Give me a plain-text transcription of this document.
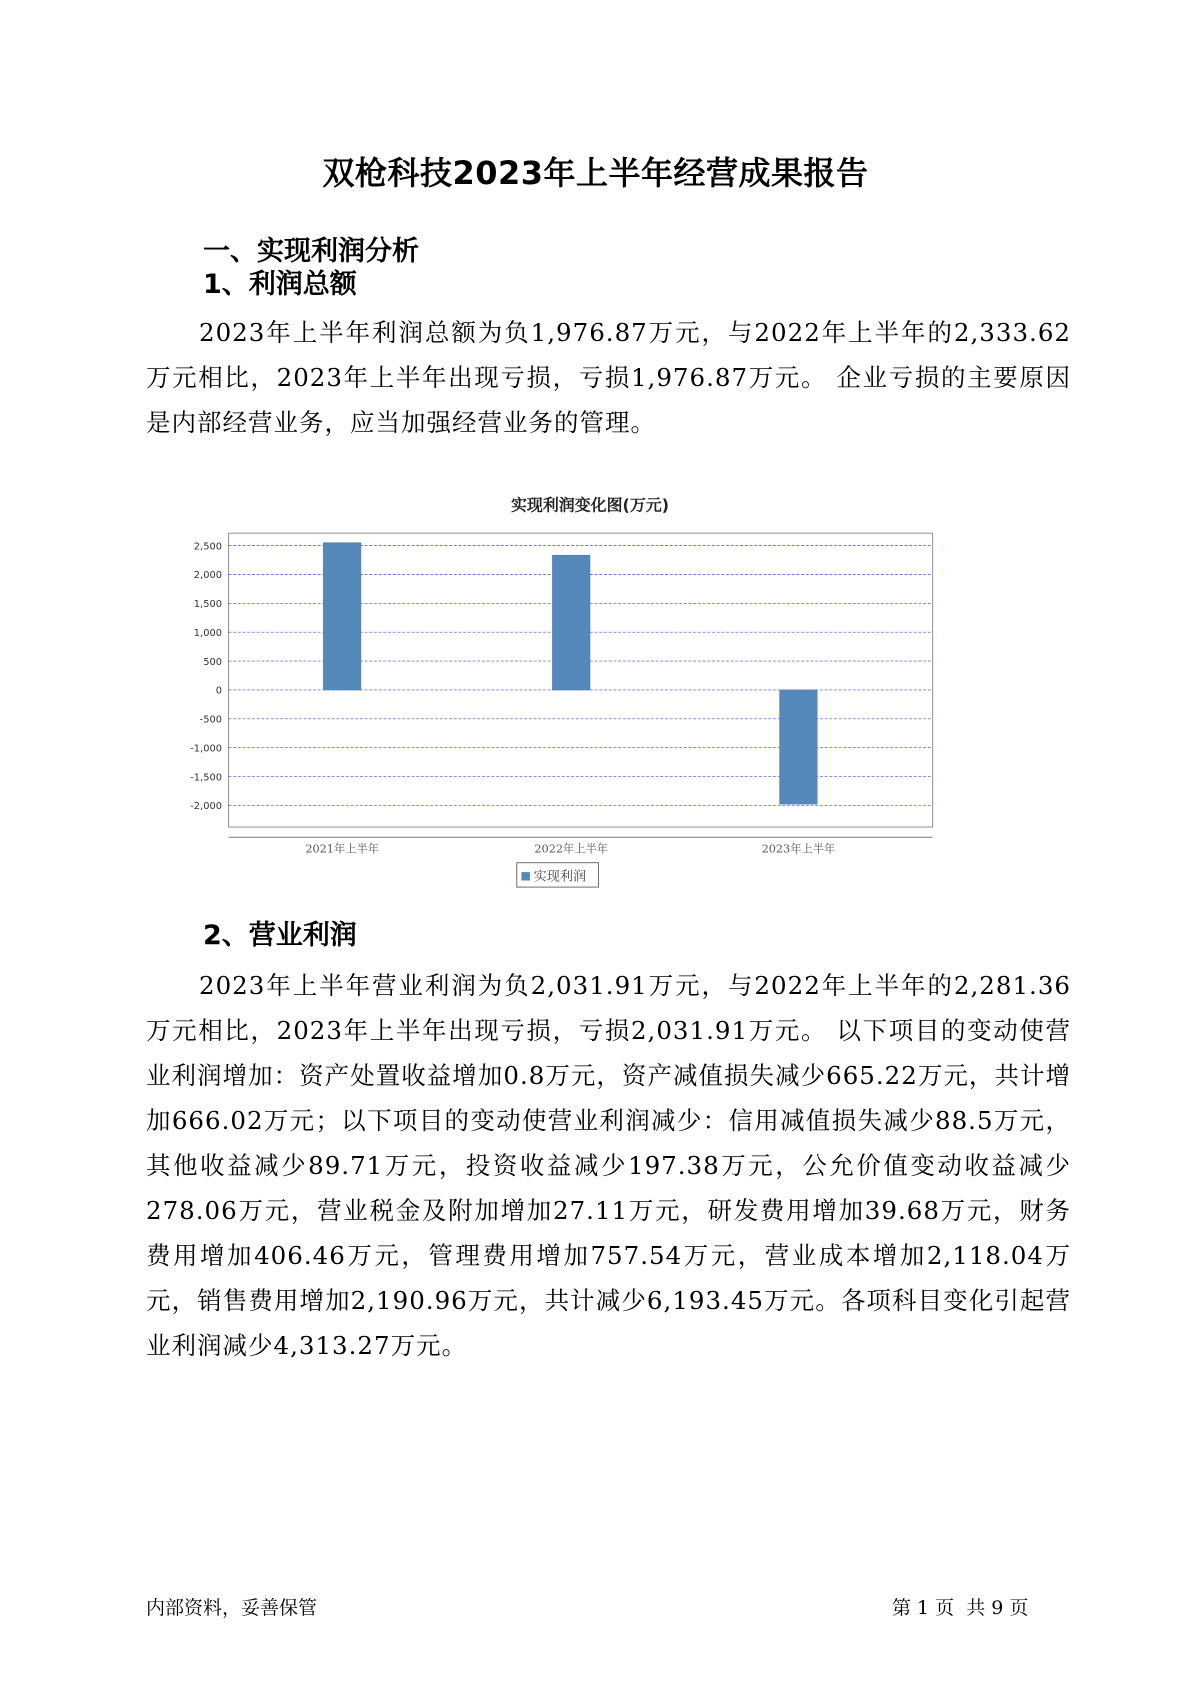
双枪科技2023年上半年经营成果报告
一、实现利润分析
1、利润总额

2023年上半年利润总额为负1,976.87万元，与2022年上半年的2,333.62万元相比，2023年上半年出现亏损，亏损1,976.87万元。 企业亏损的主要原因是内部经营业务，应当加强经营业务的管理。

实现利润变化图(万元)
2,500
2,000
1,500
1,000
500
0
-500
-1,000
-1,500
-2,000
2021年上半年	2022年上半年	2023年上半年
实现利润
2、营业利润

2023年上半年营业利润为负2,031.91万元，与2022年上半年的2,281.36万元相比，2023年上半年出现亏损，亏损2,031.91万元。 以下项目的变动使营业利润增加：资产处置收益增加0.8万元，资产减值损失减少665.22万元，共计增加666.02万元；以下项目的变动使营业利润减少：信用减值损失减少88.5万元，其他收益减少89.71万元，投资收益减少197.38万元，公允价值变动收益减少278.06万元，营业税金及附加增加27.11万元，研发费用增加39.68万元，财务费用增加406.46万元，管理费用增加757.54万元，营业成本增加2,118.04万元，销售费用增加2,190.96万元，共计减少6,193.45万元。各项科目变化引起营业利润减少4,313.27万元。

内部资料，妥善保管	第 1 页  共 9 页
